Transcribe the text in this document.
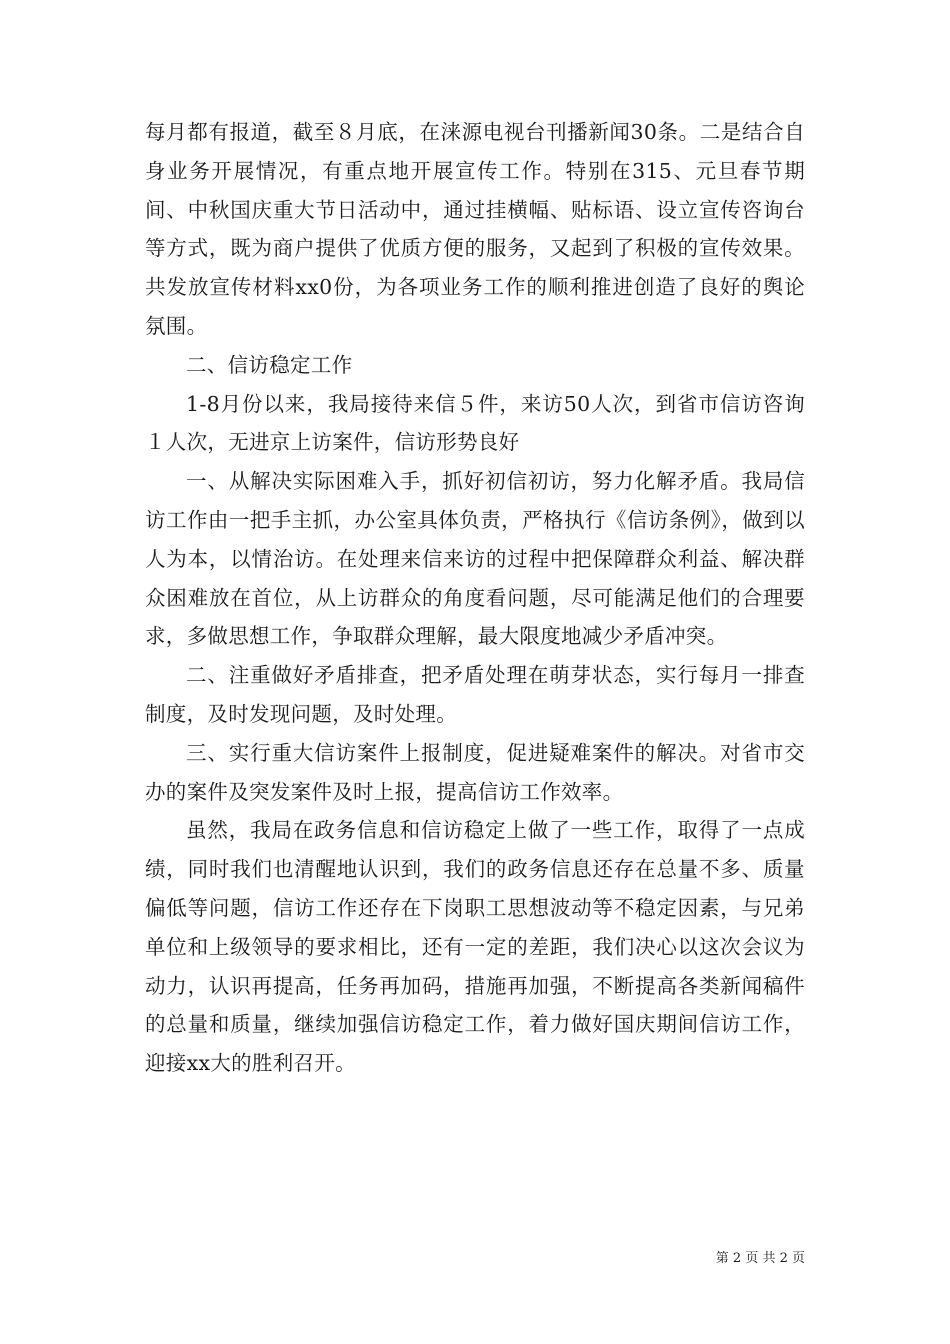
每月都有报道，截至８月底，在涞源电视台刊播新闻30条。二是结合自身业务开展情况，有重点地开展宣传工作。特别在315、元旦春节期间、中秋国庆重大节日活动中，通过挂横幅、贴标语、设立宣传咨询台等方式，既为商户提供了优质方便的服务，又起到了积极的宣传效果。共发放宣传材料xx0份，为各项业务工作的顺利推进创造了良好的舆论氛围。

二、信访稳定工作

1-8月份以来，我局接待来信５件，来访50人次，到省市信访咨询１人次，无进京上访案件，信访形势良好

一、从解决实际困难入手，抓好初信初访，努力化解矛盾。我局信访工作由一把手主抓，办公室具体负责，严格执行《信访条例》，做到以人为本，以情治访。在处理来信来访的过程中把保障群众利益、解决群众困难放在首位，从上访群众的角度看问题，尽可能满足他们的合理要求，多做思想工作，争取群众理解，最大限度地减少矛盾冲突。

二、注重做好矛盾排查，把矛盾处理在萌芽状态，实行每月一排查制度，及时发现问题，及时处理。

三、实行重大信访案件上报制度，促进疑难案件的解决。对省市交办的案件及突发案件及时上报，提高信访工作效率。

虽然，我局在政务信息和信访稳定上做了一些工作，取得了一点成绩，同时我们也清醒地认识到，我们的政务信息还存在总量不多、质量偏低等问题，信访工作还存在下岗职工思想波动等不稳定因素，与兄弟单位和上级领导的要求相比，还有一定的差距，我们决心以这次会议为动力，认识再提高，任务再加码，措施再加强，不断提高各类新闻稿件的总量和质量，继续加强信访稳定工作，着力做好国庆期间信访工作，迎接xx大的胜利召开。

第 2 页 共 2 页
